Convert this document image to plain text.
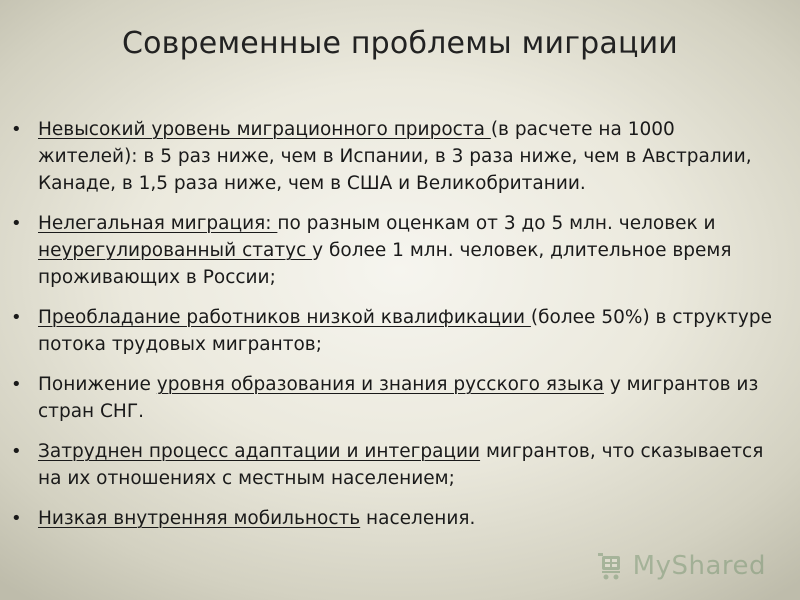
Современные проблемы миграции
• Невысокий уровень миграционного прироста (в расчете на 1000 жителей): в 5 раз ниже, чем в Испании, в 3 раза ниже, чем в Австралии, Канаде, в 1,5 раза ниже, чем в США и Великобритании.
• Нелегальная миграция: по разным оценкам от 3 до 5 млн. человек и неурегулированный статус у более 1 млн. человек, длительное время проживающих в России;
• Преобладание работников низкой квалификации (более 50%) в структуре потока трудовых мигрантов;
• Понижение уровня образования и знания русского языка у мигрантов из стран СНГ.
• Затруднен процесс адаптации и интеграции мигрантов, что сказывается на их отношениях с местным населением;
• Низкая внутренняя мобильность населения.
MyShared
